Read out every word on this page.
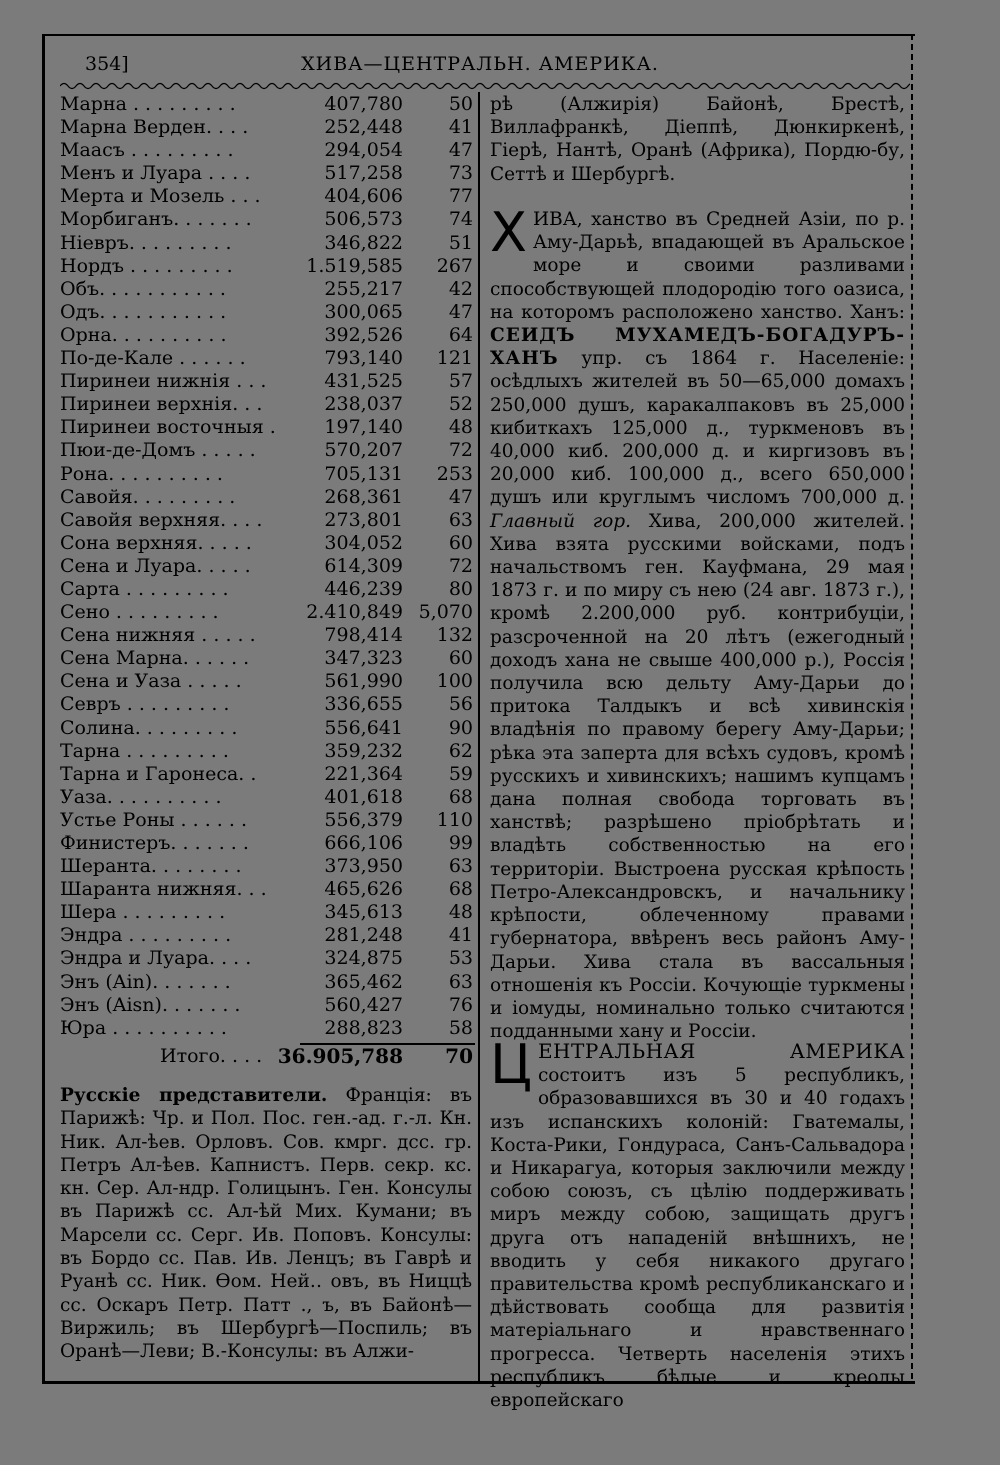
354]	ХИВА—ЦЕНТРАЛЬН. АМЕРИКА.
Марна . . . . . . . . .	407,780 50
Марна Верден. . . .	252,448 41
Маасъ . . . . . . . . .	294,054 47
Менъ и Луара . . . .	517,258 73
Мерта и Мозель . . .	404,606 77
Морбиганъ. . . . . . .	506,573 74
Ніевръ. . . . . . . . .	346,822 51
Нордъ . . . . . . . . .	1.519,585 267
Объ. . . . . . . . . . .	255,217 42
Одъ. . . . . . . . . . .	300,065 47
Орна. . . . . . . . . .	392,526 64
По-де-Кале . . . . . .	793,140 121
Пиринеи нижнія . . .	431,525 57
Пиринеи верхнія. . .	238,037 52
Пиринеи восточныя .	197,140 48
Пюи-де-Домъ . . . . .	570,207 72
Рона. . . . . . . . . .	705,131 253
Савойя. . . . . . . . .	268,361 47
Савойя верхняя. . . .	273,801 63
Сона верхняя. . . . .	304,052 60
Сена и Луара. . . . .	614,309 72
Сарта . . . . . . . . .	446,239 80
Сено . . . . . . . . .	2.410,849 5,070
Сена нижняя . . . . .	798,414 132
Сена Марна. . . . . .	347,323 60
Сена и Уаза . . . . .	561,990 100
Севръ . . . . . . . . .	336,655 56
Солина. . . . . . . . .	556,641 90
Тарна . . . . . . . . .	359,232 62
Тарна и Гаронеса. .	221,364 59
Уаза. . . . . . . . . .	401,618 68
Устье Роны . . . . . .	556,379 110
Финистеръ. . . . . . .	666,106 99
Шеранта. . . . . . . .	373,950 63
Шаранта нижняя. . .	465,626 68
Шера . . . . . . . . .	345,613 48
Эндра . . . . . . . . .	281,248 41
Эндра и Луара. . . .	324,875 53
Энъ (Ain). . . . . . .	365,462 63
Энъ (Aisn). . . . . . .	560,427 76
Юра . . . . . . . . . .	288,823 58
Итого. . . . 36.905,788 70
Русскіе представители. Франція: въ Парижѣ: Чр. и Пол. Пос. ген.-ад. г.-л. Кн. Ник. Ал-ѣев. Орловъ. Сов. кмрг. дсс. гр. Петръ Ал-ѣев. Капнистъ. Перв. секр. кс. кн. Сер. Ал-ндр. Голицынъ. Ген. Консулы въ Парижѣ сс. Ал-ѣй Мих. Кумани; въ Марсели сс. Серг. Ив. Поповъ. Консулы: въ Бордо сс. Пав. Ив. Ленцъ; въ Гаврѣ и Руанѣ сс. Ник. Ѳом. Ней‥ овъ, въ Ниццѣ сс. Оскаръ Петр. Патт ., ъ, въ Байонѣ—Виржиль; въ Шербургѣ—Поспиль; въ Оранѣ—Леви; В.-Консулы: въ Алжи-

рѣ (Алжирія) Байонѣ, Брестѣ, Виллафранкѣ, Діеппѣ, Дюнкиркенѣ, Гіерѣ, Нантѣ, Оранѣ (Африка), Пордю-бу, Сеттѣ и Шербургѣ.

Х ИВА, ханство въ Средней Азіи, по р. Аму-Дарьѣ, впадающей въ Аральское море и своими разливами способствующей плодородію того оазиса, на которомъ расположено ханство. Ханъ: СЕИДЪ МУХАМЕДЪ-БОГАДУРЪ-ХАНЪ упр. съ 1864 г. Населеніе: осѣдлыхъ жителей въ 50—65,000 домахъ 250,000 душъ, каракалпаковъ въ 25,000 кибиткахъ 125,000 д., туркменовъ въ 40,000 киб. 200,000 д. и киргизовъ въ 20,000 киб. 100,000 д., всего 650,000 душъ или круглымъ числомъ 700,000 д. Главный гор. Хива, 200,000 жителей. Хива взята русскими войсками, подъ начальствомъ ген. Кауфмана, 29 мая 1873 г. и по миру съ нею (24 авг. 1873 г.), кромѣ 2.200,000 руб. контрибуціи, разсроченной на 20 лѣтъ (ежегодный доходъ хана не свыше 400,000 р.), Россія получила всю дельту Аму-Дарьи до притока Талдыкъ и всѣ хивинскія владѣнія по правому берегу Аму-Дарьи; рѣка эта заперта для всѣхъ судовъ, кромѣ русскихъ и хивинскихъ; нашимъ купцамъ дана полная свобода торговать въ ханствѣ; разрѣшено пріобрѣтать и владѣть собственностью на его территоріи. Выстроена русская крѣпость Петро-Александровскъ, и начальнику крѣпости, облеченному правами губернатора, ввѣренъ весь районъ Аму-Дарьи. Хива стала въ вассальныя отношенія къ Россіи. Кочующіе туркмены и іомуды, номинально только считаются подданными хану и Россіи.

Ц ЕНТРАЛЬНАЯ АМЕРИКА состоитъ изъ 5 республикъ, образовавшихся въ 30 и 40 годахъ изъ испанскихъ колоній: Гватемалы, Коста-Рики, Гондураса, Санъ-Сальвадора и Никарагуа, которыя заключили между собою союзъ, съ цѣлію поддерживать миръ между собою, защищать другъ друга отъ нападеній внѣшнихъ, не вводить у себя никакого другаго правительства кромѣ республиканскаго и дѣйствовать сообща для развитія матеріальнаго и нравственнаго прогресса. Четверть населенія этихъ республикъ бѣлые и креолы европейскаго
